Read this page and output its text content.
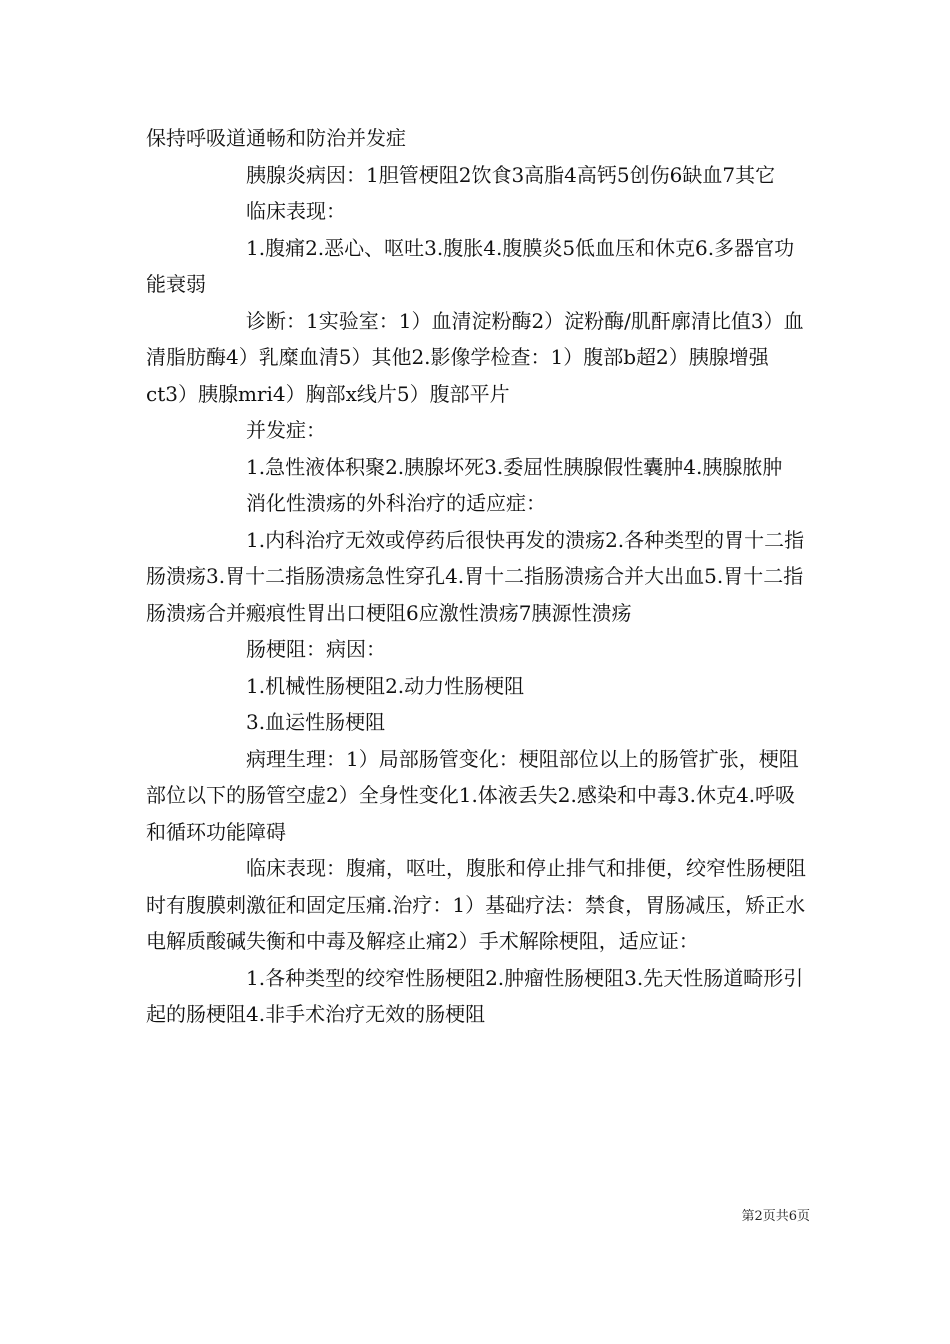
保持呼吸道通畅和防治并发症

胰腺炎病因：1胆管梗阻2饮食3高脂4高钙5创伤6缺血7其它

临床表现：

1.腹痛2.恶心、呕吐3.腹胀4.腹膜炎5低血压和休克6.多器官功能衰弱

诊断：1实验室：1）血清淀粉酶2）淀粉酶/肌酐廓清比值3）血清脂肪酶4）乳糜血清5）其他2.影像学检查：1）腹部b超2）胰腺增强ct3）胰腺mri4）胸部x线片5）腹部平片

并发症：

1.急性液体积聚2.胰腺坏死3.委屈性胰腺假性囊肿4.胰腺脓肿

消化性溃疡的外科治疗的适应症：

1.内科治疗无效或停药后很快再发的溃疡2.各种类型的胃十二指肠溃疡3.胃十二指肠溃疡急性穿孔4.胃十二指肠溃疡合并大出血5.胃十二指肠溃疡合并瘢痕性胃出口梗阻6应激性溃疡7胰源性溃疡

肠梗阻：病因：

1.机械性肠梗阻2.动力性肠梗阻

3.血运性肠梗阻

病理生理：1）局部肠管变化：梗阻部位以上的肠管扩张，梗阻部位以下的肠管空虚2）全身性变化1.体液丢失2.感染和中毒3.休克4.呼吸和循环功能障碍

临床表现：腹痛，呕吐，腹胀和停止排气和排便，绞窄性肠梗阻时有腹膜刺激征和固定压痛.治疗：1）基础疗法：禁食，胃肠减压，矫正水电解质酸碱失衡和中毒及解痉止痛2）手术解除梗阻，适应证：

1.各种类型的绞窄性肠梗阻2.肿瘤性肠梗阻3.先天性肠道畸形引起的肠梗阻4.非手术治疗无效的肠梗阻

第2页共6页
